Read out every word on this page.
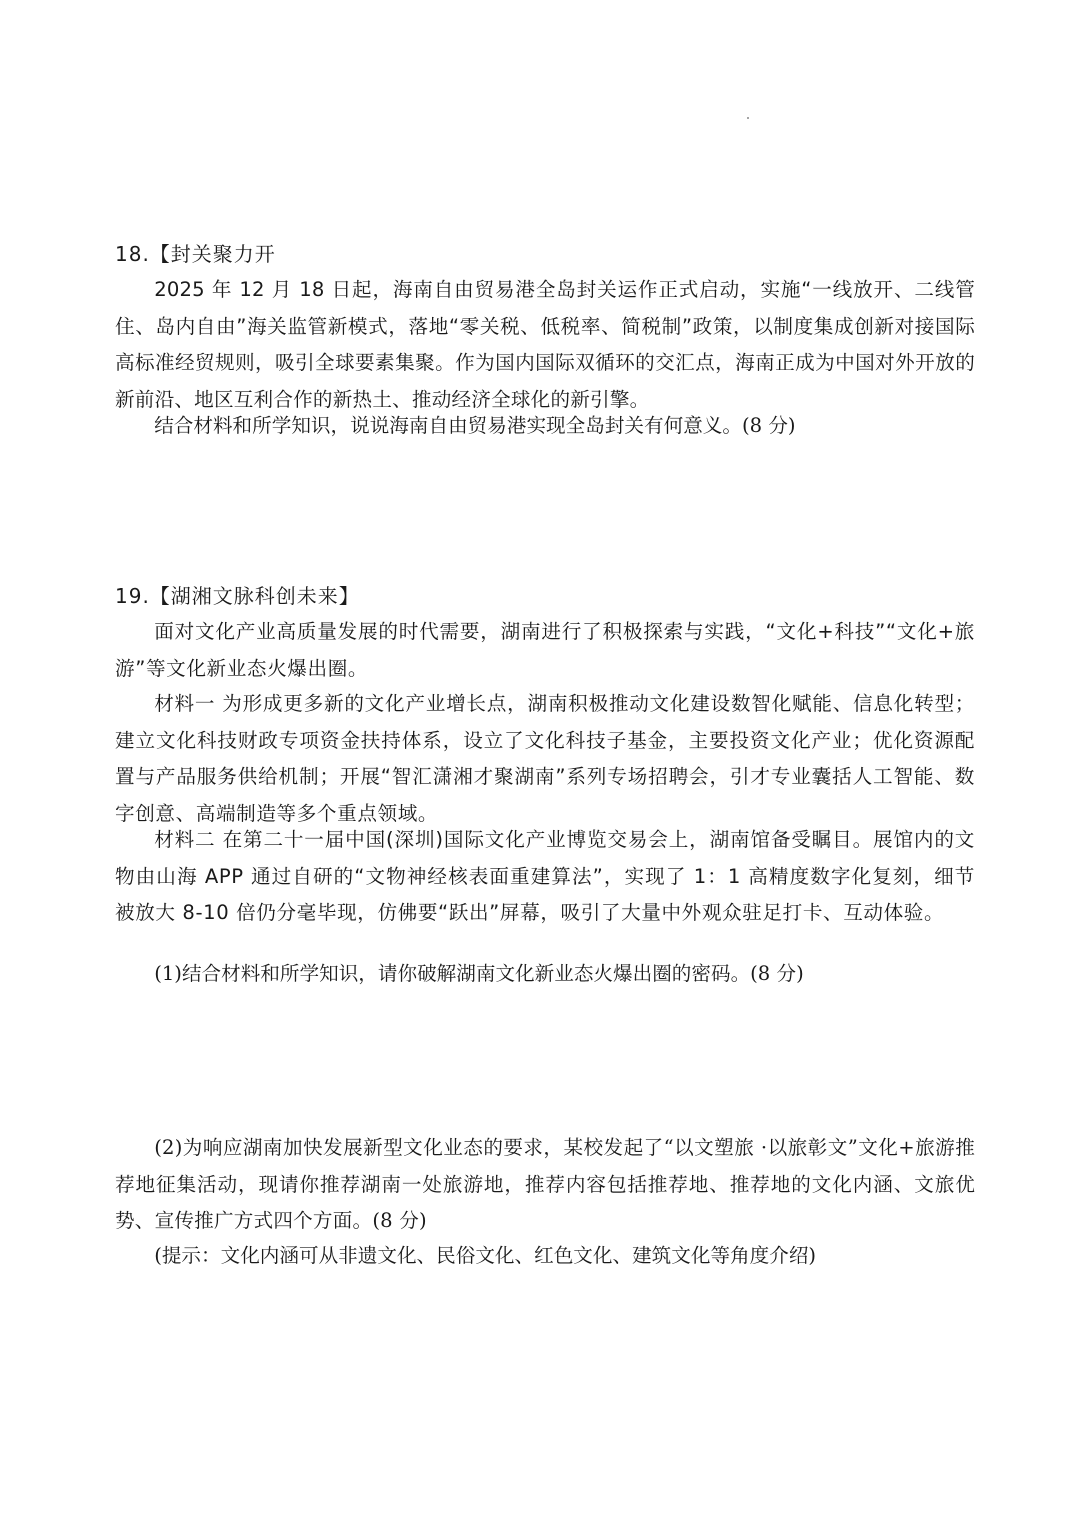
18.【封关聚力开

2025 年 12 月 18 日起，海南自由贸易港全岛封关运作正式启动，实施“一线放开、二线管住、岛内自由”海关监管新模式，落地“零关税、低税率、简税制”政策，以制度集成创新对接国际高标准经贸规则，吸引全球要素集聚。作为国内国际双循环的交汇点，海南正成为中国对外开放的新前沿、地区互利合作的新热土、推动经济全球化的新引擎。

结合材料和所学知识，说说海南自由贸易港实现全岛封关有何意义。(8 分)

19.【湖湘文脉科创未来】

面对文化产业高质量发展的时代需要，湖南进行了积极探索与实践，“文化+科技”“文化+旅游”等文化新业态火爆出圈。

材料一 为形成更多新的文化产业增长点，湖南积极推动文化建设数智化赋能、信息化转型；建立文化科技财政专项资金扶持体系，设立了文化科技子基金，主要投资文化产业；优化资源配置与产品服务供给机制；开展“智汇潇湘才聚湖南”系列专场招聘会，引才专业囊括人工智能、数字创意、高端制造等多个重点领域。

材料二 在第二十一届中国(深圳)国际文化产业博览交易会上，湖南馆备受瞩目。展馆内的文物由山海 APP 通过自研的“文物神经核表面重建算法”，实现了 1：1 高精度数字化复刻，细节被放大 8-10 倍仍分毫毕现，仿佛要“跃出”屏幕，吸引了大量中外观众驻足打卡、互动体验。

(1)结合材料和所学知识，请你破解湖南文化新业态火爆出圈的密码。(8 分)

(2)为响应湖南加快发展新型文化业态的要求，某校发起了“以文塑旅 ·以旅彰文”文化+旅游推荐地征集活动，现请你推荐湖南一处旅游地，推荐内容包括推荐地、推荐地的文化内涵、文旅优势、宣传推广方式四个方面。(8 分)

(提示：文化内涵可从非遗文化、民俗文化、红色文化、建筑文化等角度介绍)
